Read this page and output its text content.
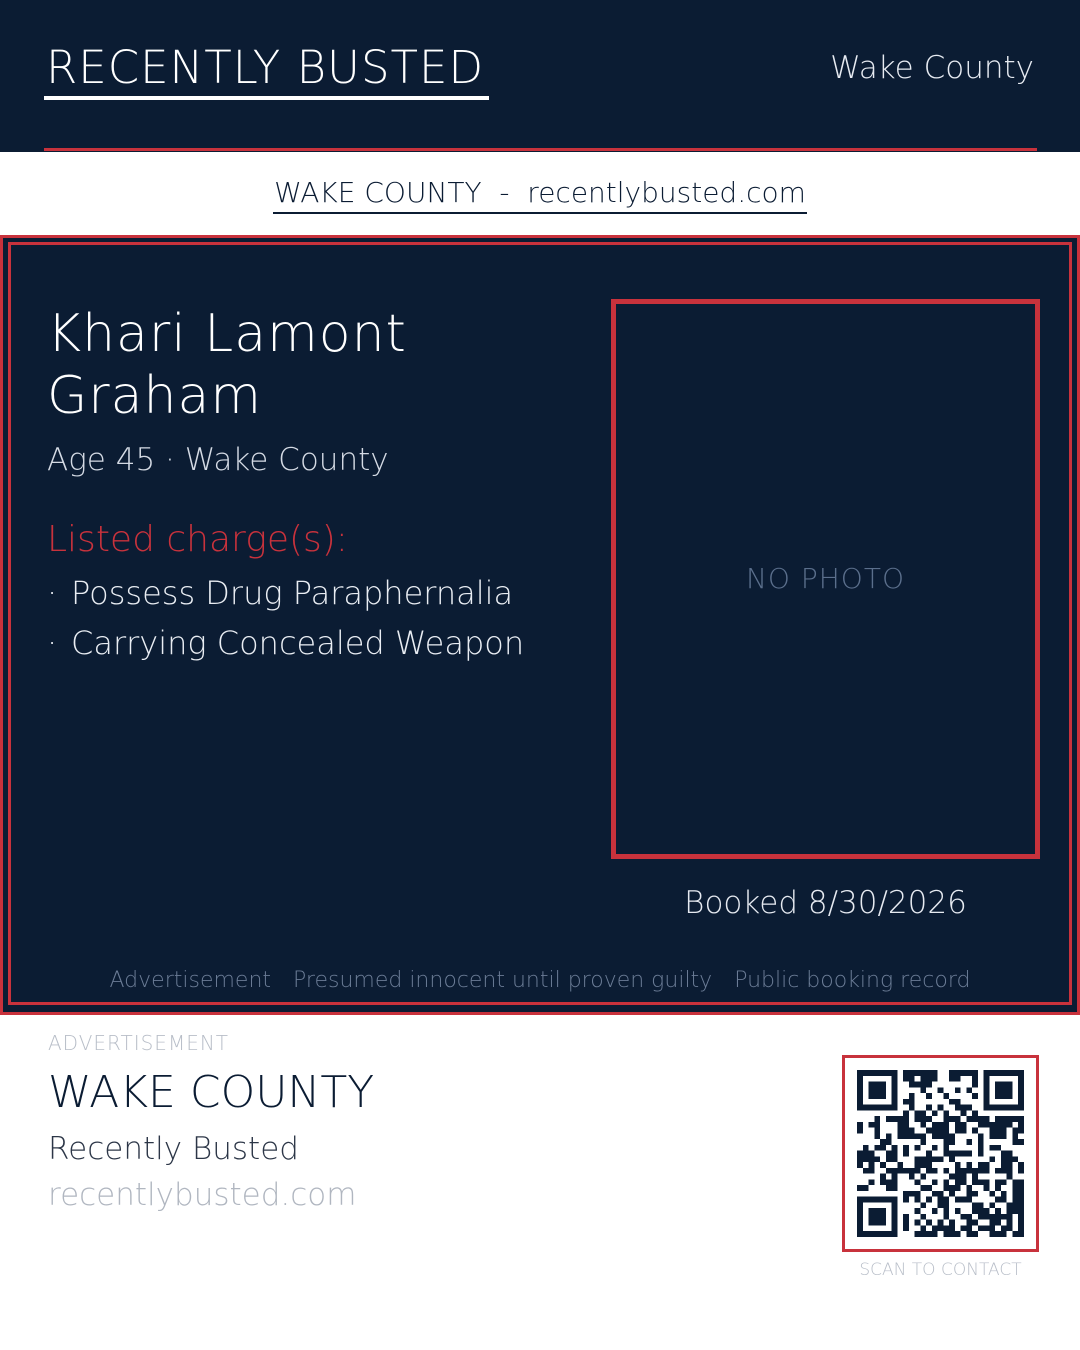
RECENTLY BUSTED	Wake County
WAKE COUNTY  -  recentlybusted.com
Khari Lamont Graham
Age 45 · Wake County
Listed charge(s):
· Possess Drug Paraphernalia
· Carrying Concealed Weapon
NO PHOTO
Booked 8/30/2026
Advertisement Presumed innocent until proven guilty Public booking record
ADVERTISEMENT
WAKE COUNTY
Recently Busted
recentlybusted.com
SCAN TO CONTACT
